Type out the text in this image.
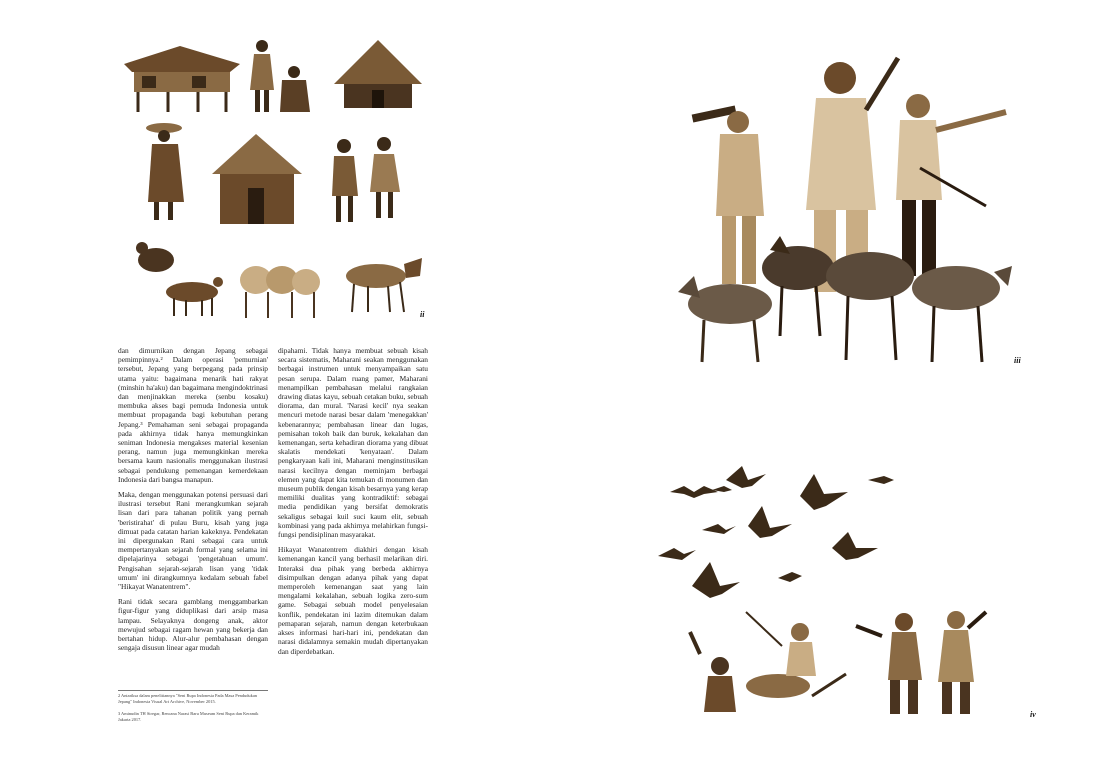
ii

dan dimurnikan dengan Jepang sebagai pemimpinnya.² Dalam operasi 'pemurnian' tersebut, Jepang yang berpegang pada prinsip utama yaitu: bagaimana menarik hati rakyat (minshin ha'aku) dan bagaimana mengindoktrinasi dan menjinakkan mereka (senbu kosaku) membuka akses bagi pemuda Indonesia untuk membuat propaganda bagi kebutuhan perang Jepang.³ Pemahaman seni sebagai propaganda pada akhirnya tidak hanya memungkinkan seniman Indonesia mengakses material kesenian perang, namun juga memungkinkan mereka bersama kaum nasionalis menggunakan ilustrasi sebagai pendukung pemenangan kemerdekaan Indonesia dari bangsa manapun.

Maka, dengan menggunakan potensi persuasi dari ilustrasi tersebut Rani merangkumkan sejarah lisan dari para tahanan politik yang pernah 'beristirahat' di pulau Buru, kisah yang juga dimuat pada catatan harian kakeknya. Pendekatan ini dipergunakan Rani sebagai cara untuk mempertanyakan sejarah formal yang selama ini dipelajarinya sebagai 'pengetahuan umum'. Pengisahan sejarah-sejarah lisan yang 'tidak umum' ini dirangkumnya kedalam sebuah fabel "Hikayat Wanatentrem".

Rani tidak secara gamblang menggambarkan figur-figur yang diduplikasi dari arsip masa lampau. Selayaknya dongeng anak, aktor mewujud sebagai ragam hewan yang bekerja dan bertahan hidup. Alur-alur pembahasan dengan sengaja disusun linear agar mudah

2 Antariksa dalam penelitiannya "Seni Rupa Indonesia Pada Masa Pendudukan Jepang" Indonesia Visual Art Archive, November 2015.
3 Aminudin TH Siregar, Rencana Narasi Baru Museum Seni Rupa dan Keramik Jakarta 2017.

dipahami. Tidak hanya membuat sebuah kisah secara sistematis, Maharani seakan menggunakan berbagai instrumen untuk menyampaikan satu pesan serupa. Dalam ruang pamer, Maharani menampilkan pembahasan melalui rangkaian drawing diatas kayu, sebuah cetakan buku, sebuah diorama, dan mural. 'Narasi kecil' nya seakan mencuri metode narasi besar dalam 'menegakkan' kebenarannya; pembahasan linear dan lugas, pemisahan tokoh baik dan buruk, kekalahan dan kemenangan, serta kehadiran diorama yang dibuat skalatis mendekati 'kenyataan'. Dalam pengkaryaan kali ini, Maharani menginstitusikan narasi kecilnya dengan meminjam berbagai elemen yang dapat kita temukan di monumen dan museum publik dengan kisah besarnya yang kerap memiliki dualitas yang kontradiktif: sebagai media pendidikan yang bersifat demokratis sekaligus sebagai kuil suci kaum elit, sebuah kombinasi yang pada akhirnya melahirkan fungsi-fungsi pendisiplinan masyarakat.

Hikayat Wanatentrem diakhiri dengan kisah kemenangan kancil yang berhasil melarikan diri. Interaksi dua pihak yang berbeda akhirnya disimpulkan dengan adanya pihak yang dapat memperoleh kemenangan saat yang lain mengalami kekalahan, sebuah logika zero-sum game. Sebagai sebuah model penyelesaian konflik, pendekatan ini lazim ditemukan dalam pemaparan sejarah, namun dengan keterbukaan akses informasi hari-hari ini, pendekatan dan narasi didalamnya semakin mudah dipertanyakan dan diperdebatkan.

iii
iv
